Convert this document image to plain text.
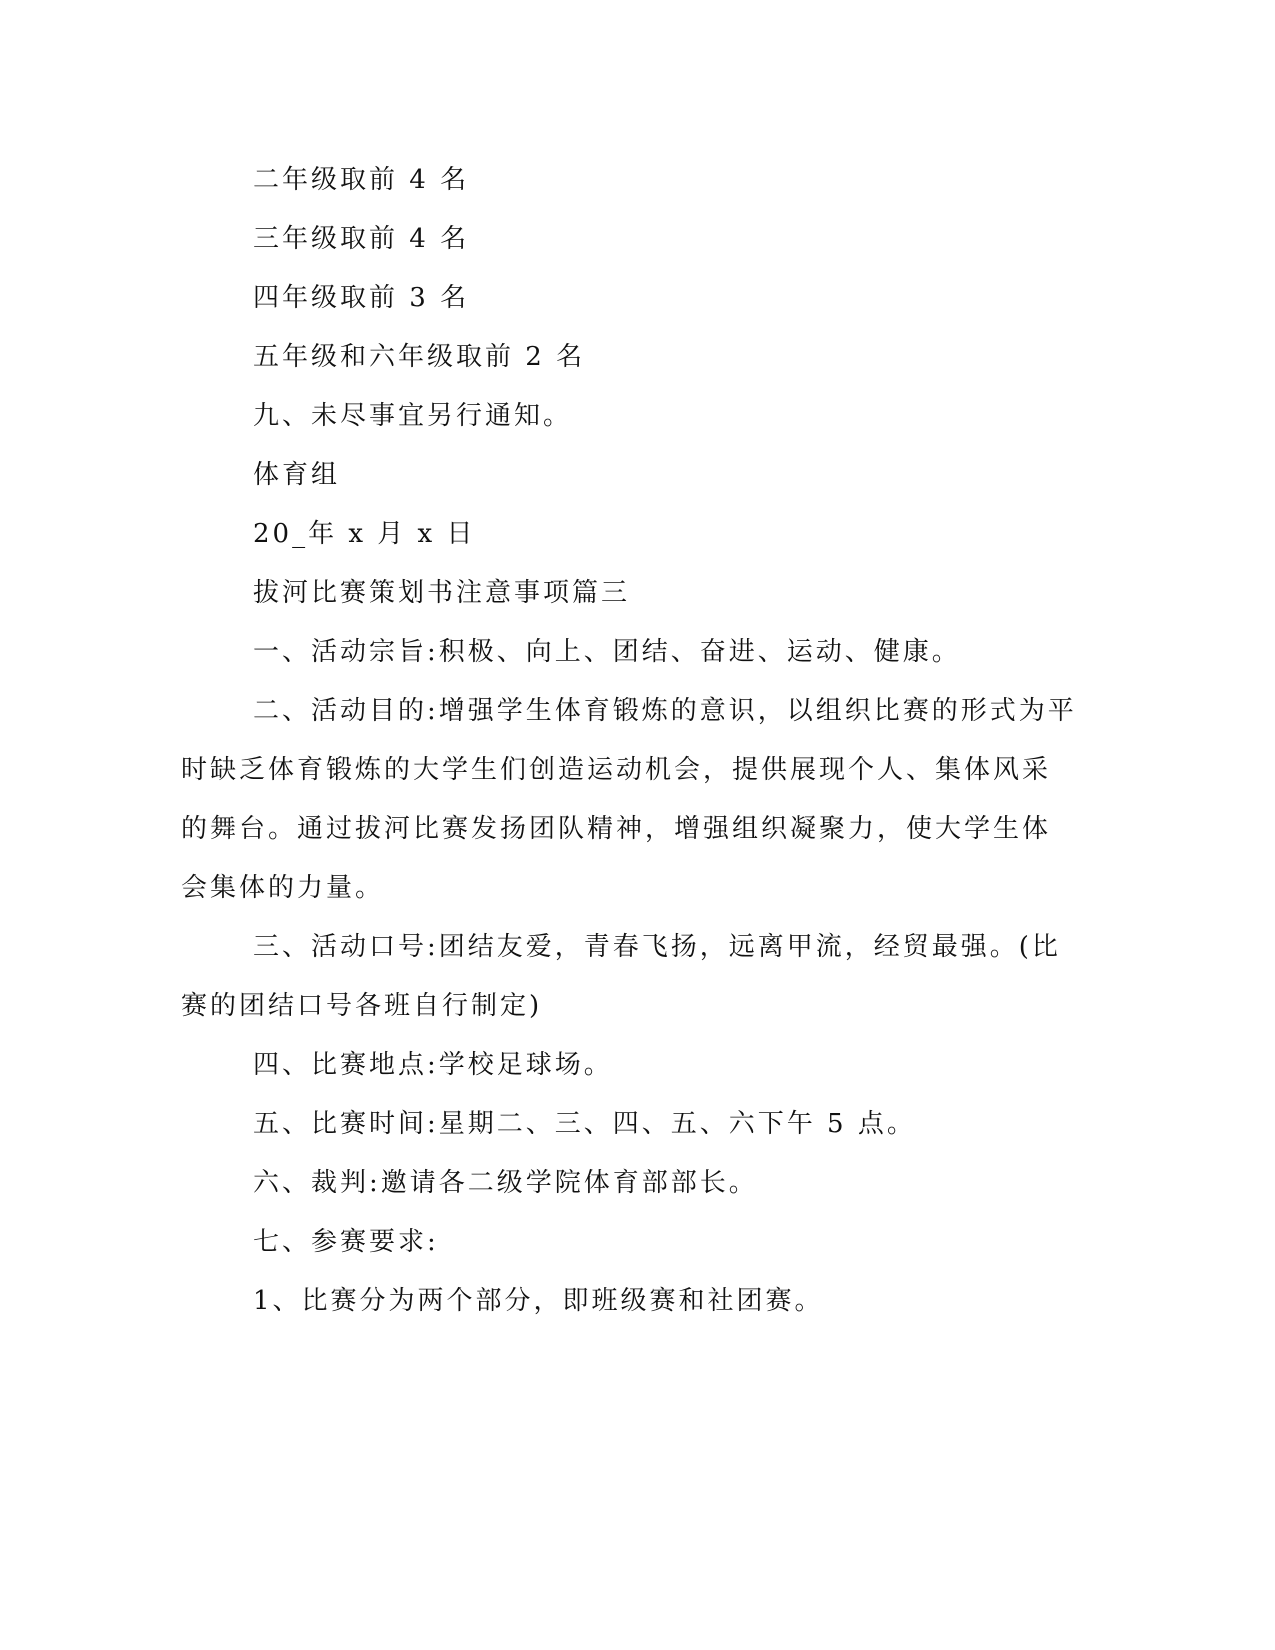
二年级取前 4 名
三年级取前 4 名
四年级取前 3 名
五年级和六年级取前 2 名
九、未尽事宜另行通知。
体育组
20_年 x 月 x 日
拔河比赛策划书注意事项篇三
一、活动宗旨:积极、向上、团结、奋进、运动、健康。
二、活动目的:增强学生体育锻炼的意识，以组织比赛的形式为平
时缺乏体育锻炼的大学生们创造运动机会，提供展现个人、集体风采
的舞台。通过拔河比赛发扬团队精神，增强组织凝聚力，使大学生体
会集体的力量。
三、活动口号:团结友爱，青春飞扬，远离甲流，经贸最强。(比
赛的团结口号各班自行制定)
四、比赛地点:学校足球场。
五、比赛时间:星期二、三、四、五、六下午 5 点。
六、裁判:邀请各二级学院体育部部长。
七、参赛要求:
1、比赛分为两个部分，即班级赛和社团赛。
